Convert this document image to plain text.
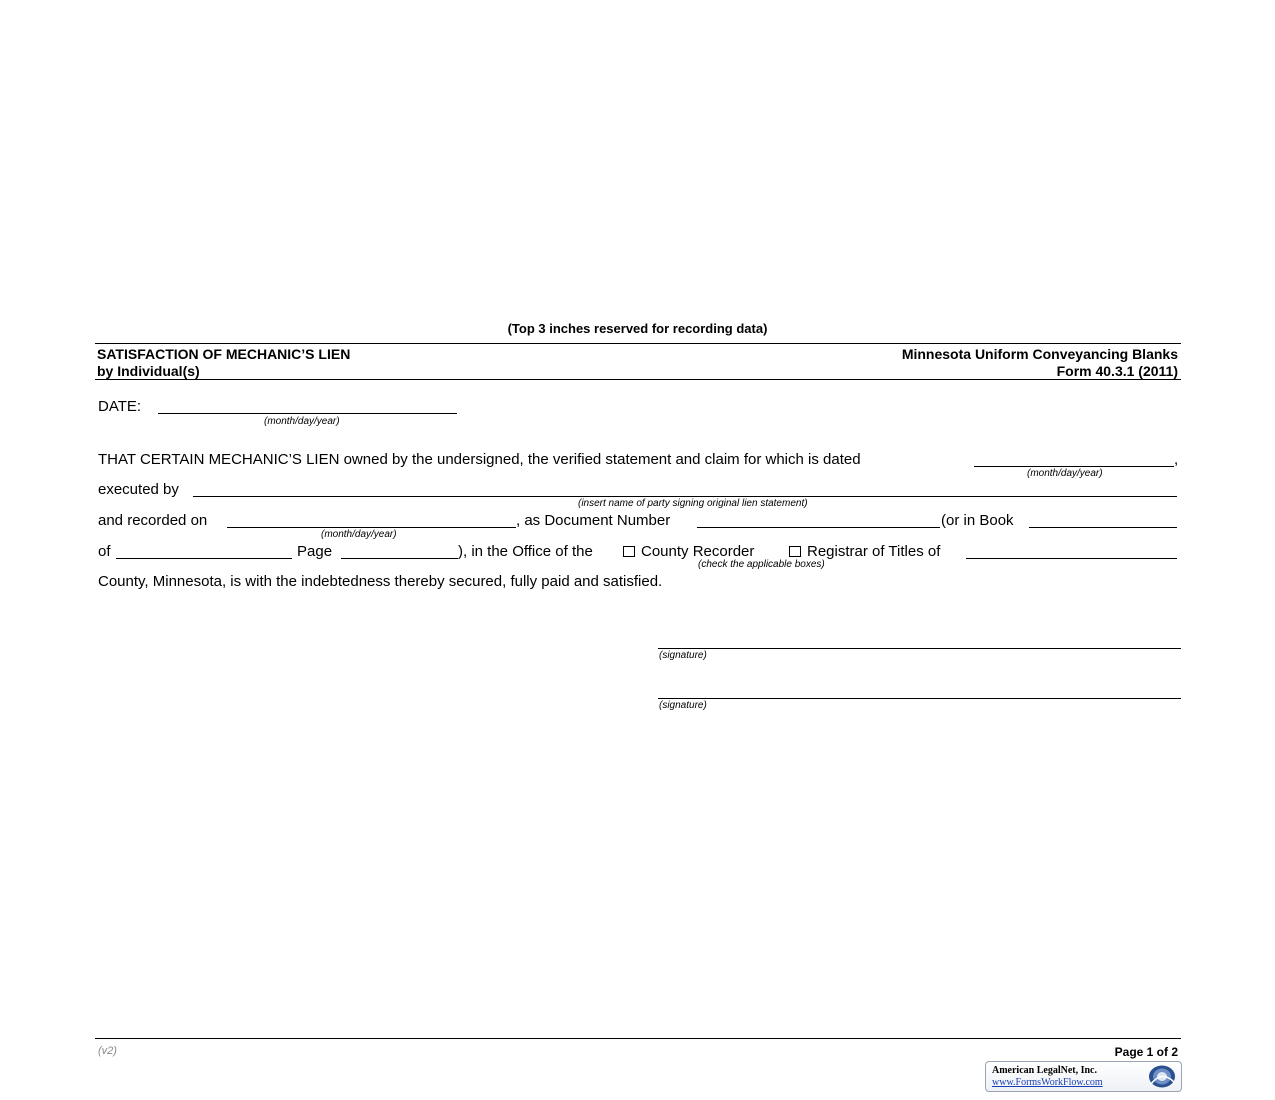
(Top 3 inches reserved for recording data)
SATISFACTION OF MECHANIC’S LIEN
by Individual(s)
Minnesota Uniform Conveyancing Blanks
Form 40.3.1 (2011)
DATE:
(month/day/year)
THAT CERTAIN MECHANIC’S LIEN owned by the undersigned, the verified statement and claim for which is dated	,
(month/day/year)
executed by
(insert name of party signing original lien statement)
and recorded on	, as Document Number	(or in Book
(month/day/year)
of	Page	), in the Office of the	County Recorder	Registrar of Titles of
(check the applicable boxes)
County, Minnesota, is with the indebtedness thereby secured, fully paid and satisfied.
(signature)
(signature)
(v2)	Page 1 of 2
American LegalNet, Inc.
www.FormsWorkFlow.com
